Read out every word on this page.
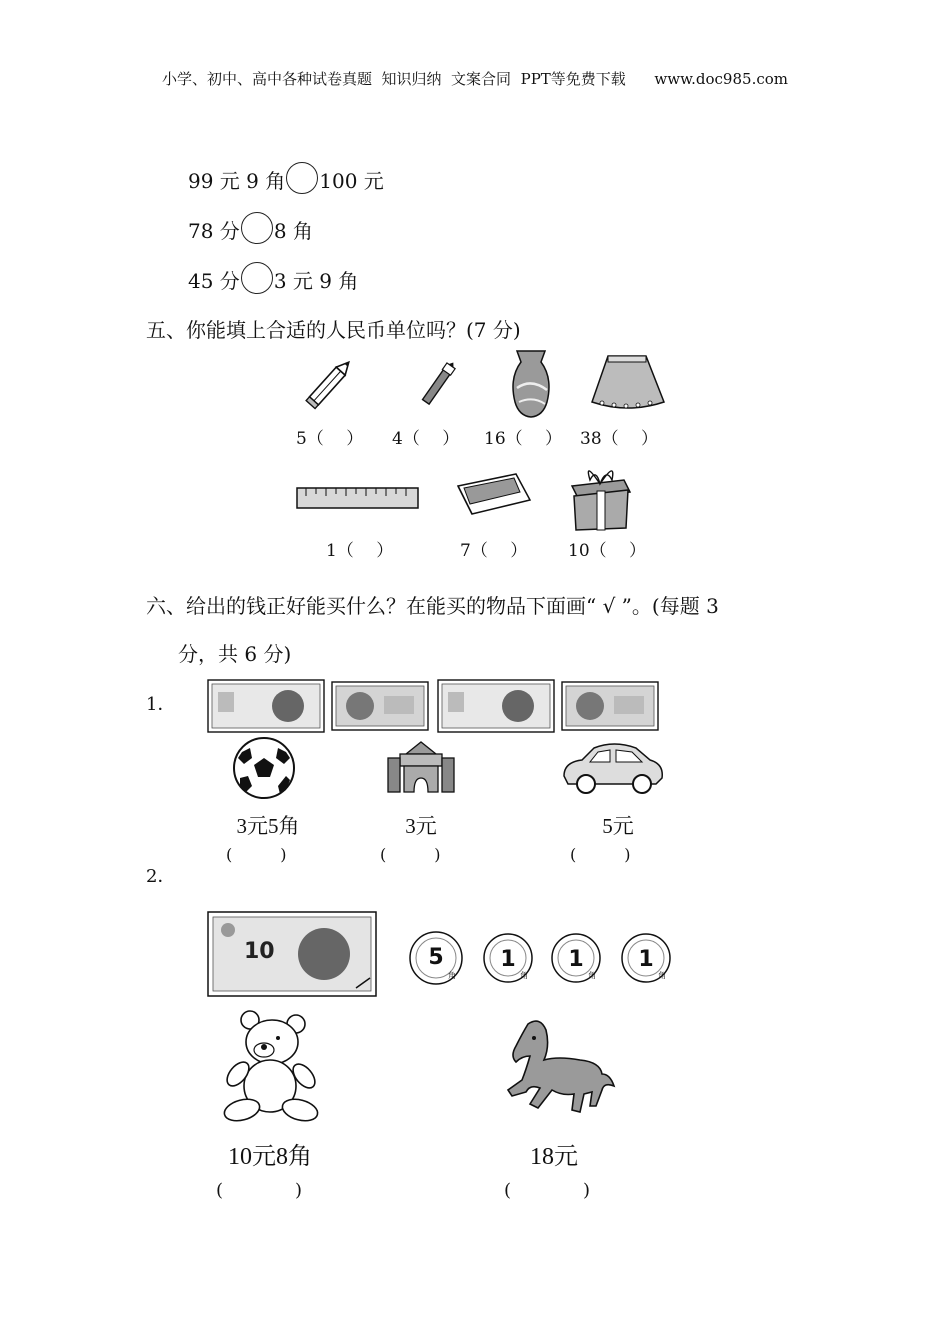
小学、初中、高中各种试卷真题  知识归纳  文案合同  PPT等免费下载      www.doc985.com
99 元 9 角 100 元
78 分 8 角
45 分 3 元 9 角
五、你能填上合适的人民币单位吗？(7 分)
5（　 ） 4（　 ） 16（　 ） 38（　 ）
1（　 ）	7（　 ） 10（　 ）
六、给出的钱正好能买什么？在能买的物品下面画“ √ ”。(每题 3
分，共 6 分)
1．
3元5角	3元	5元
(　　　)	(　　　)	(　　　)
2．
10	5
角
1
角
1
角
1
角
10元8角	18元
(　　　　)	(　　　　)
